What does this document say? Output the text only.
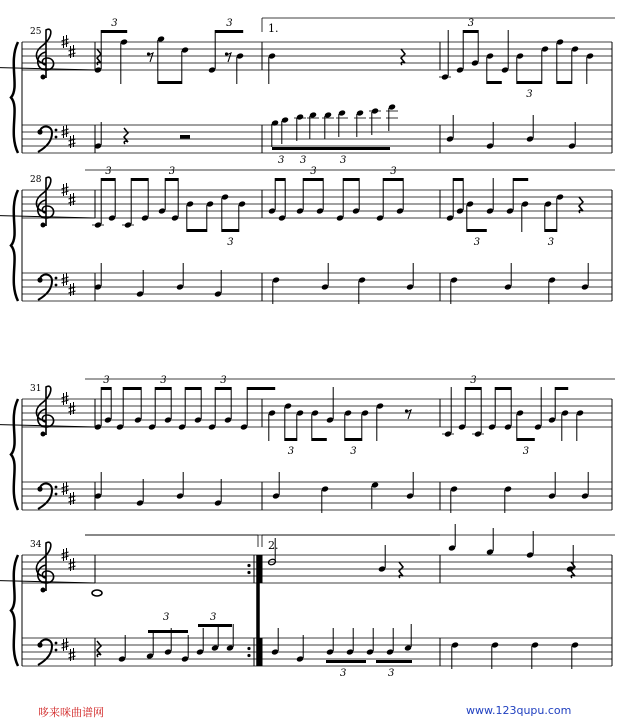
25	1.
3	3	3
3
3	3
3
28
3	3
3
3	3
3	3
31
3	3	3
3	3
3
3
34	2.
3	3
3	3
哆来咪曲谱网	www.123qupu.com
